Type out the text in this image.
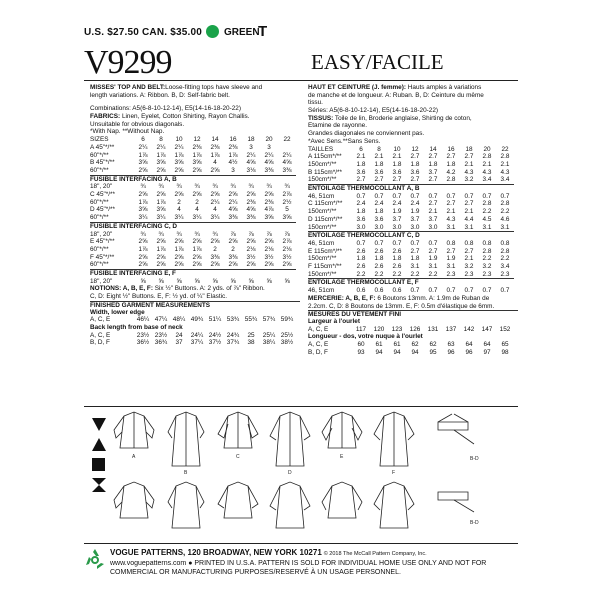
U.S. $27.50 CAN. $35.00 GREEN
T
V9299	EASY/FACILE

MISSES' TOP AND BELT:Loose-fitting tops have sleeve and

length variations. A: Ribbon. B, D: Self-fabric belt.

Combinations: A5(6-8-10-12-14), E5(14-16-18-20-22)

FABRICS: Linen, Eyelet, Cotton Shirting, Rayon Challis.

Unsuitable for obvious diagonals.

*With Nap. **Without Nap.

SIZES	6	8	10	12	14	16	18	20	22
A 45"*/**	2¼	2¼	2¼	2⅜	2⅜	2⅜	3	3	
60"*/**	1⅞	1⅞	1⅞	1⅞	1⅞	1⅞	2¼	2¼	2¼
B 45"*/**	3⅝	3⅝	3⅝	3⅝	4	4½	4⅝	4⅝	4⅝
60"*/**	2⅝	2⅝	2⅝	2⅝	2⅝	3	3⅛	3⅜	3⅜
FUSIBLE INTERFACING A, B									
18", 20"	¾	¾	¾	¾	¾	¾	¾	¾	¾
C 45"*/**	2⅝	2⅝	2⅝	2⅝	2⅝	2⅝	2⅝	2⅝	2⅞
60"*/**	1⅞	1⅞	2	2	2¼	2¼	2⅜	2⅜	2½
D 45"*/**	3⅝	3⅝	4	4	4	4⅝	4⅝	4⅞	5
60"*/**	3¼	3¼	3¼	3¼	3¼	3⅜	3⅜	3⅝	3⅝
FUSIBLE INTERFACING C, D									
18", 20"	¾	¾	¾	¾	¾	⅞	⅞	⅞	⅞
E 45"*/**	2⅝	2⅝	2⅝	2⅝	2⅝	2⅝	2⅝	2⅝	2⅞
60"*/**	1⅞	1⅞	1⅞	1⅞	2	2	2⅛	2⅛	2⅛
F 45"*/**	2⅝	2⅝	2⅝	2⅝	3⅜	3⅜	3½	3½	3½
60"*/**	2⅝	2⅝	2⅝	2⅝	2⅝	2⅝	2⅝	2⅝	2⅝
FUSIBLE INTERFACING E, F									
18", 20"	⅝	⅝	⅝	⅝	⅝	⅝	⅝	⅝	⅝

NOTIONS: A, B, E, F: Six ½" Buttons. A: 2 yds. of ⅞" Ribbon.

C, D: Eight ½" Buttons. E, F: ½ yd. of ¼" Elastic.

FINISHED GARMENT MEASUREMENTS

Width, lower edge									
A, C, E	46¼	47¼	48¼	49¾	51¼	53¾	55¾	57¾	59¾
Back length from base of neck									
A, C, E	23½	23½	24	24¼	24½	24¾	25	25¼	25½
B, D, F	36½	36¾	37	37¼	37½	37¾	38	38¼	38½

HAUT ET CEINTURE (J. femme): Hauts amples à variations

de manche et de longueur. A: Ruban. B, D: Ceinture du même

tissu.

Séries: A5(6-8-10-12-14), E5(14-16-18-20-22)

TISSUS: Toile de lin, Broderie anglaise, Shirting de coton,

Etamine de rayonne.

Grandes diagonales ne conviennent pas.

*Avec Sens.**Sans Sens.

TAILLES	6	8	10	12	14	16	18	20	22
A 115cm*/**	2.1	2.1	2.1	2.7	2.7	2.7	2.7	2.8	2.8
150cm*/**	1.8	1.8	1.8	1.8	1.8	1.8	2.1	2.1	2.1
B 115cm*/**	3.6	3.6	3.6	3.6	3.7	4.2	4.3	4.3	4.3
150cm*/**	2.7	2.7	2.7	2.7	2.7	2.8	3.2	3.4	3.4
ENTOILAGE THERMOCOLLANT A, B									
46, 51cm	0.7	0.7	0.7	0.7	0.7	0.7	0.7	0.7	0.7
C 115cm*/**	2.4	2.4	2.4	2.4	2.7	2.7	2.7	2.8	2.8
150cm*/**	1.8	1.8	1.9	1.9	2.1	2.1	2.1	2.2	2.2
D 115cm*/**	3.6	3.6	3.7	3.7	3.7	4.3	4.4	4.5	4.6
150cm*/**	3.0	3.0	3.0	3.0	3.0	3.1	3.1	3.1	3.1
ENTOILAGE THERMOCOLLANT C, D									
46, 51cm	0.7	0.7	0.7	0.7	0.7	0.8	0.8	0.8	0.8
E 115cm*/**	2.6	2.6	2.6	2.7	2.7	2.7	2.7	2.8	2.8
150cm*/**	1.8	1.8	1.8	1.8	1.9	1.9	2.1	2.2	2.2
F 115cm*/**	2.6	2.6	2.6	3.1	3.1	3.1	3.2	3.2	3.4
150cm*/**	2.2	2.2	2.2	2.2	2.2	2.3	2.3	2.3	2.3
ENTOILAGE THERMOCOLLANT E, F									
46, 51cm	0.6	0.6	0.6	0.7	0.7	0.7	0.7	0.7	0.7

MERCERIE: A, B, E, F: 6 Boutons 13mm. A: 1.9m de Ruban de

2.2cm. C, D: 8 Boutons de 13mm. E, F: 0.5m d'élastique de 6mm.

MESURES DU VÊTEMENT FINI

Largeur à l'ourlet									
A, C, E	117	120	123	126	131	137	142	147	152
Longueur - dos, votre nuque à l'ourlet									
A, C, E	60	61	61	62	62	63	64	64	65
B, D, F	93	94	94	94	95	96	96	97	98
A
B
C
D
E
F
B-D
B-D

VOGUE PATTERNS, 120 BROADWAY, NEW YORK 10271 © 2018 The McCall Pattern Company, Inc.

www.voguepatterns.com ● PRINTED IN U.S.A. PATTERN IS SOLD FOR INDIVIDUAL HOME USE ONLY AND NOT FOR

COMMERCIAL OR MANUFACTURING PURPOSES/RESERVÉ À UN USAGE PERSONNEL.
